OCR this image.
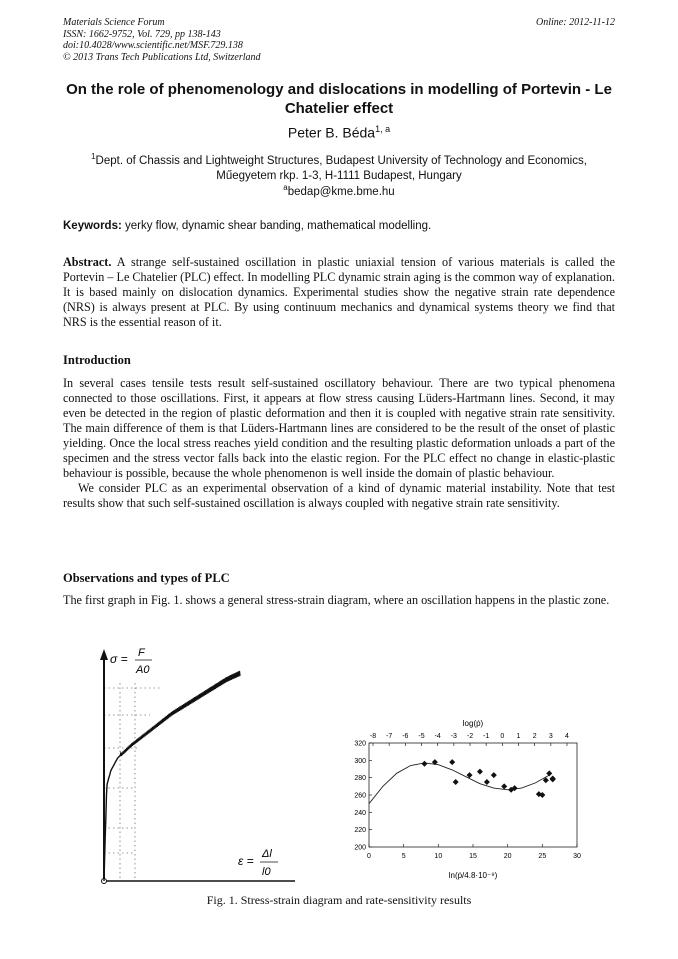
Materials Science Forum
ISSN: 1662-9752, Vol. 729, pp 138-143
doi:10.4028/www.scientific.net/MSF.729.138
© 2013 Trans Tech Publications Ltd, Switzerland
Online: 2012-11-12
On the role of phenomenology and dislocations in modelling of Portevin - Le Chatelier effect
Peter B. Béda$^{1, a}$
$^1$Dept. of Chassis and Lightweight Structures, Budapest University of Technology and Economics, Műegyetem rkp. 1-3, H-1111 Budapest, Hungary
$^a$bedap@kme.bme.hu
Keywords: yerky flow, dynamic shear banding, mathematical modelling.
Abstract. A strange self-sustained oscillation in plastic uniaxial tension of various materials is called the Portevin – Le Chatelier (PLC) effect. In modelling PLC dynamic strain aging is the common way of explanation. It is based mainly on dislocation dynamics. Experimental studies show the negative strain rate dependence (NRS) is always present at PLC. By using continuum mechanics and dynamical systems theory we find that NRS is the essential reason of it.
Introduction
In several cases tensile tests result self-sustained oscillatory behaviour. There are two typical phenomena connected to those oscillations. First, it appears at flow stress causing Lüders-Hartmann lines. Second, it may even be detected in the region of plastic deformation and then it is coupled with negative strain rate sensitivity. The main difference of them is that Lüders-Hartmann lines are considered to be the result of the onset of plastic yielding. Once the local stress reaches yield condition and the resulting plastic deformation unloads a part of the specimen and the stress vector falls back into the elastic region. For the PLC effect no change in elastic-plastic behaviour is possible, because the whole phenomenon is well inside the domain of plastic behaviour.
We consider PLC as an experimental observation of a kind of dynamic material instability. Note that test results show that such self-sustained oscillation is always coupled with negative strain rate sensitivity.
Observations and types of PLC
The first graph in Fig. 1. shows a general stress-strain diagram, where an oscillation happens in the plastic zone.
σ = F
A0
ε = Δl
l0
log(ṗ)
-8 -7 -6 -5 -4 -3 -2 -1 0 1 2 3 4
0	5	10	15	20	25	30
200
220
240
260
280
300
320
ln(ṗ/4.8·10⁻⁹)
Fig. 1. Stress-strain diagram and rate-sensitivity results
